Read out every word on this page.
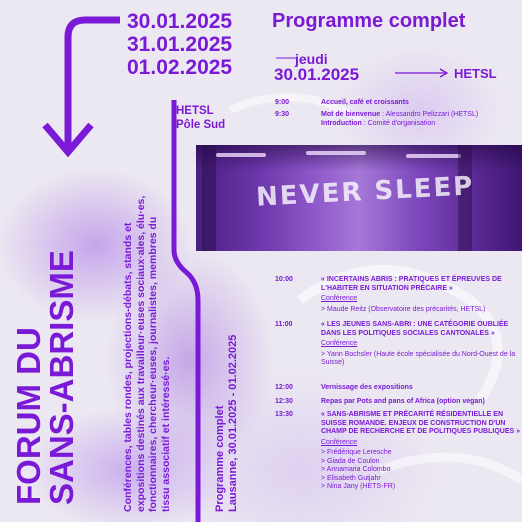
30.01.2025
31.01.2025
01.02.2025
Programme complet
jeudi
30.01.2025	HETSL
HETSL
Pôle Sud
9:00	Accueil, café et croissants
9:30	Mot de bienvenue : Alessandro Pelizzari (HETSL)
Introduction : Comité d'organisation
NEVER SLEEP
10:00	« INCERTAINS ABRIS : PRATIQUES ET ÉPREUVES DE L'HABITER EN SITUATION PRÉCAIRE »
Conférence
> Maude Reitz (Observatoire des précarités, HETSL)
11:00	« LES JEUNES SANS-ABRI : UNE CATÉGORIE OUBLIÉE DANS LES POLITIQUES SOCIALES CANTONALES »
Conférence
> Yann Bochsler (Haute école spécialisée du Nord-Ouest de la Suisse)
12:00	Vernissage des expositions
12:30	Repas par Pots and pans of Africa (option vegan)
13:30	« SANS-ABRISME ET PRÉCARITÉ RÉSIDENTIELLE EN SUISSE ROMANDE. ENJEUX DE CONSTRUCTION D'UN CHAMP DE RECHERCHE ET DE POLITIQUES PUBLIQUES »
Conférence
> Frédérique Leresche
> Giada de Coulon
> Annamaria Colombo
> Elisabeth Gutjahr
> Nina Jany (HETS-FR)
FORUM DU
SANS-ABRISME	Conférences, tables rondes, projections-débats, stands et expositions destinés aux travailleur·euses sociaux·ales, élu·es, fonctionnaires, chercheur·euses, journalistes, membres du tissu associatif et intéressé·es.	Programme complet Lausanne, 30.01.2025 - 01.02.2025
